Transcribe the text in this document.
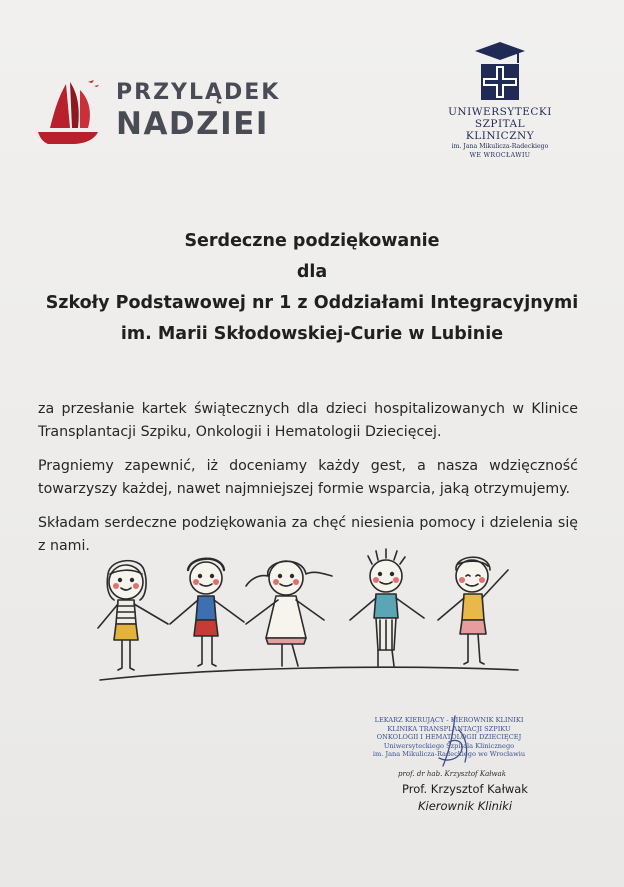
PRZYLĄDEK
NADZIEI	UNIWERSYTECKI
SZPITAL KLINICZNY
im. Jana Mikulicza-Radeckiego
WE WROCŁAWIU
Serdeczne podziękowanie
dla
Szkoły Podstawowej nr 1 z Oddziałami Integracyjnymi
im. Marii Skłodowskiej-Curie w Lubinie

za przesłanie kartek świątecznych dla dzieci hospitalizowanych w Klinice Transplantacji Szpiku, Onkologii i Hematologii Dziecięcej.

Pragniemy zapewnić, iż doceniamy każdy gest, a nasza wdzięczność towarzyszy każdej, nawet najmniejszej formie wsparcia, jaką otrzymujemy.

Składam serdeczne podziękowania za chęć niesienia pomocy i dzielenia się z nami.

LEKARZ KIERUJĄCY - KIEROWNIK KLINIKI
KLINIKA TRANSPLANTACJI SZPIKU
ONKOLOGII I HEMATOLOGII DZIECIĘCEJ
Uniwersyteckiego Szpitala Klinicznego
im. Jana Mikulicza-Radeckiego we Wrocławiu
prof. dr hab. Krzysztof Kałwak
Prof. Krzysztof Kałwak
Kierownik Kliniki
